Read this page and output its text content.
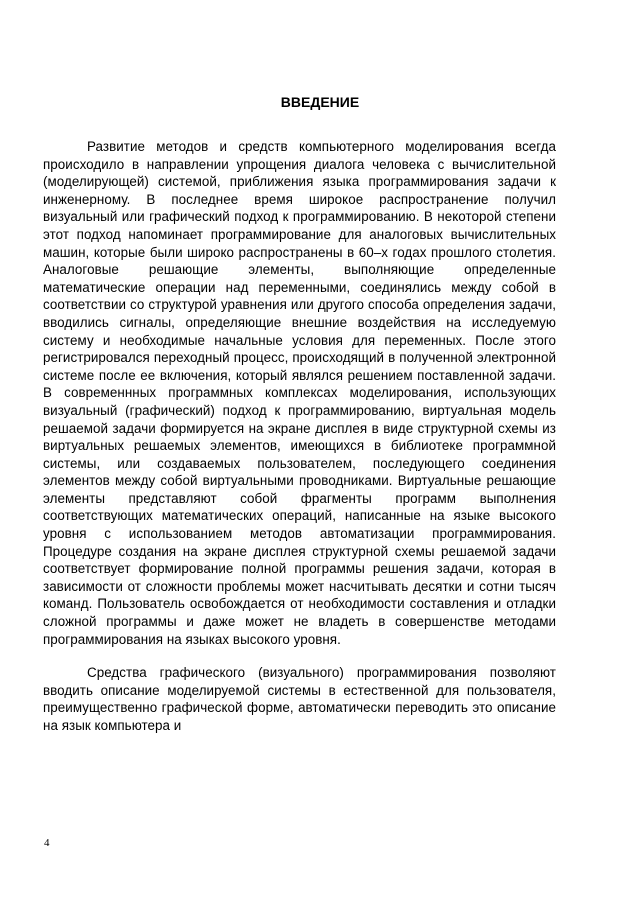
ВВЕДЕНИЕ

Развитие методов и средств компьютерного моделирования всегда происходило в направлении упрощения диалога человека с вычислительной (моделирующей) системой, приближения языка программирования задачи к инженерному. В последнее время широкое распространение получил визуальный или графический подход к программированию. В некоторой степени этот подход напоминает программирование для аналоговых вычислительных машин, которые были широко распространены в 60–х годах прошлого столетия. Аналоговые решающие элементы, выполняющие определенные математические операции над переменными, соединялись между собой в соответствии со структурой уравнения или другого способа определения задачи, вводились сигналы, определяющие внешние воздействия на исследуемую систему и необходимые начальные условия для переменных. После этого регистрировался переходный процесс, происходящий в полученной электронной системе после ее включения, который являлся решением поставленной задачи. В современнных программных комплексах моделирования, использующих визуальный (графический) подход к программированию, виртуальная модель решаемой задачи формируется на экране дисплея в виде структурной схемы из виртуальных решаемых элементов, имеющихся в библиотеке программной системы, или создаваемых пользователем, последующего соединения элементов между собой виртуальными проводниками. Виртуальные решающие элементы представляют собой фрагменты программ выполнения соответствующих математических операций, написанные на языке высокого уровня с использованием методов автоматизации программирования. Процедуре создания на экране дисплея структурной схемы решаемой задачи соответствует формирование полной программы решения задачи, которая в зависимости от сложности проблемы может насчитывать десятки и сотни тысяч команд. Пользователь освобождается от необходимости составления и отладки сложной программы и даже может не владеть в совершенстве методами программирования на языках высокого уровня.

Средства графического (визуального) программирования позволяют вводить описание моделируемой системы в естественной для пользователя, преимущественно графической форме, автоматически переводить это описание на язык компьютера и

4
